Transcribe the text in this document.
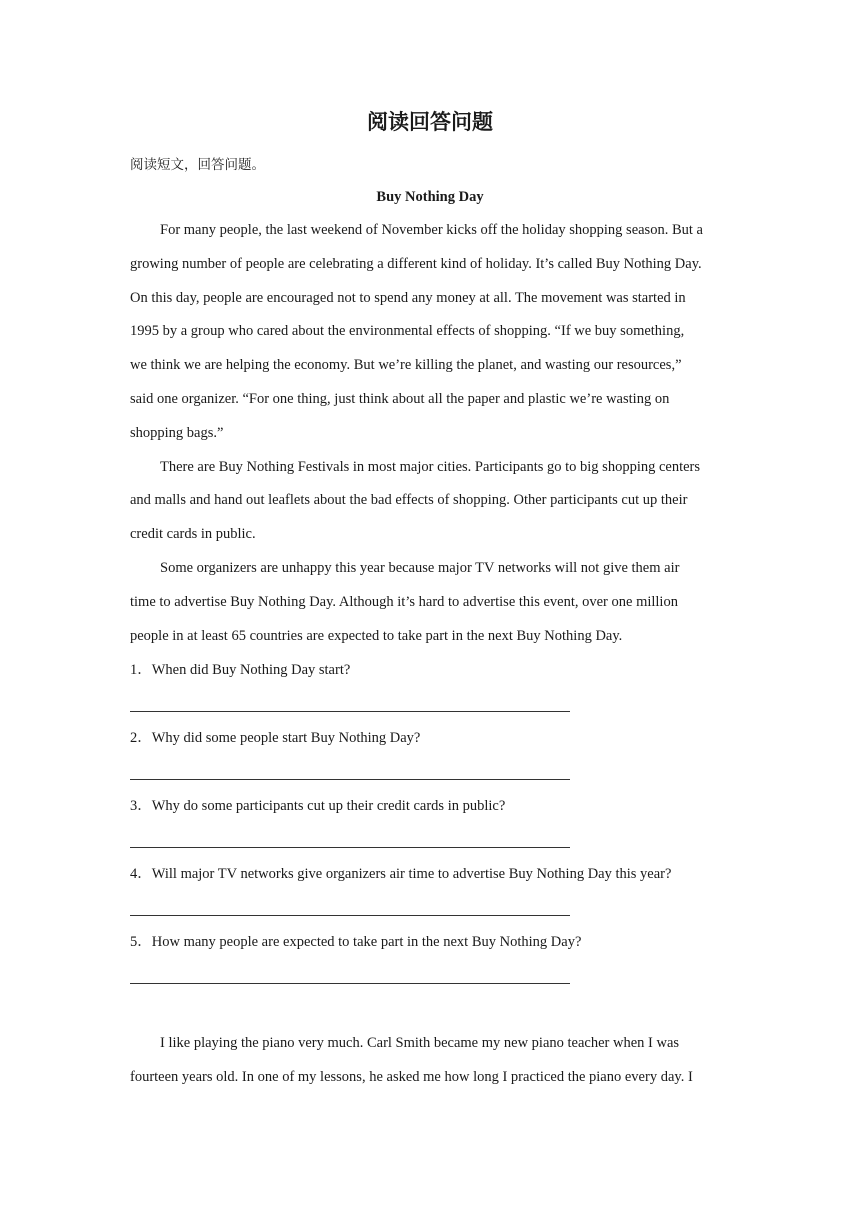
阅读回答问题

阅读短文，回答问题。

Buy Nothing Day

For many people, the last weekend of November kicks off the holiday shopping season. But a
growing number of people are celebrating a different kind of holiday. It’s called Buy Nothing Day.
On this day, people are encouraged not to spend any money at all. The movement was started in
1995 by a group who cared about the environmental effects of shopping. “If we buy something,
we think we are helping the economy. But we’re killing the planet, and wasting our resources,”
said one organizer. “For one thing, just think about all the paper and plastic we’re wasting on
shopping bags.”

There are Buy Nothing Festivals in most major cities. Participants go to big shopping centers
and malls and hand out leaflets about the bad effects of shopping. Other participants cut up their
credit cards in public.

Some organizers are unhappy this year because major TV networks will not give them air
time to advertise Buy Nothing Day. Although it’s hard to advertise this event, over one million
people in at least 65 countries are expected to take part in the next Buy Nothing Day.

1．When did Buy Nothing Day start?

2．Why did some people start Buy Nothing Day?

3．Why do some participants cut up their credit cards in public?

4．Will major TV networks give organizers air time to advertise Buy Nothing Day this year?

5．How many people are expected to take part in the next Buy Nothing Day?

I like playing the piano very much. Carl Smith became my new piano teacher when I was
fourteen years old. In one of my lessons, he asked me how long I practiced the piano every day. I
